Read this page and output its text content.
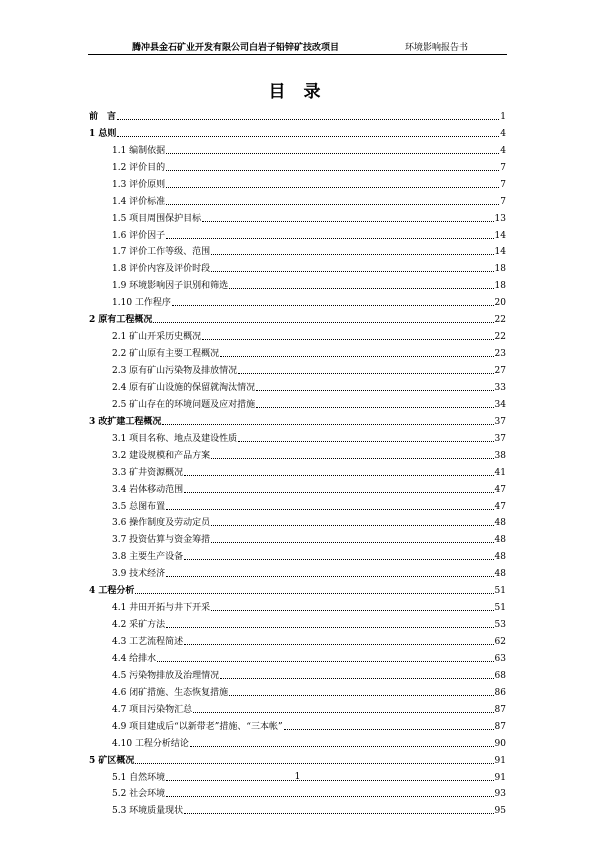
腾冲县金石矿业开发有限公司白岩子铅锌矿技改项目	环境影响报告书
目 录
前　言	1
1 总则	4
1.1 编制依据	4
1.2 评价目的	7
1.3 评价原则	7
1.4 评价标准	7
1.5 项目周围保护目标	13
1.6 评价因子	14
1.7 评价工作等级、范围	14
1.8 评价内容及评价时段	18
1.9 环境影响因子识别和筛选	18
1.10 工作程序	20
2 原有工程概况	22
2.1 矿山开采历史概况	22
2.2 矿山原有主要工程概况	23
2.3 原有矿山污染物及排放情况	27
2.4 原有矿山设施的保留就淘汰情况	33
2.5 矿山存在的环境问题及应对措施	34
3 改扩建工程概况	37
3.1 项目名称、地点及建设性质	37
3.2 建设规模和产品方案	38
3.3 矿井资源概况	41
3.4 岩体移动范围	47
3.5 总图布置	47
3.6 操作制度及劳动定员	48
3.7 投资估算与资金筹措	48
3.8 主要生产设备	48
3.9 技术经济	48
4 工程分析	51
4.1 井田开拓与井下开采	51
4.2 采矿方法	53
4.3 工艺流程简述	62
4.4 给排水	63
4.5 污染物排放及治理情况	68
4.6 闭矿措施、生态恢复措施	86
4.7 项目污染物汇总	87
4.9 项目建成后“以新带老”措施、“三本帐”	87
4.10 工程分析结论	90
5 矿区概况	91
5.1 自然环境	91
5.2 社会环境	93
5.3 环境质量现状	95
1
